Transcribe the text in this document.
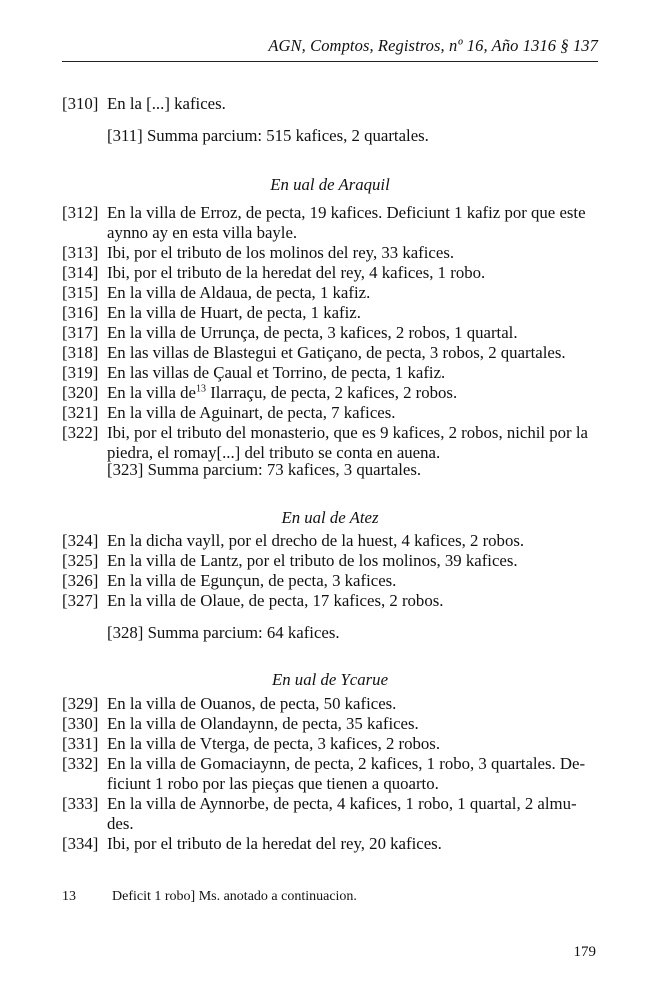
AGN, Comptos, Registros, nº 16, Año 1316 § 137
[310] En la [...] kafices.
[311] Summa parcium: 515 kafices, 2 quartales.
En ual de Araquil
[312] En la villa de Erroz, de pecta, 19 kafices. Deficiunt 1 kafiz por que este
aynno ay en esta villa bayle.
[313] Ibi, por el tributo de los molinos del rey, 33 kafices.
[314] Ibi, por el tributo de la heredat del rey, 4 kafices, 1 robo.
[315] En la villa de Aldaua, de pecta, 1 kafiz.
[316] En la villa de Huart, de pecta, 1 kafiz.
[317] En la villa de Urrunça, de pecta, 3 kafices, 2 robos, 1 quartal.
[318] En las villas de Blastegui et Gatiçano, de pecta, 3 robos, 2 quartales.
[319] En las villas de Çaual et Torrino, de pecta, 1 kafiz.
[320] En la villa $de^{13}$ Ilarraçu, de pecta, 2 kafices, 2 robos.
[321] En la villa de Aguinart, de pecta, 7 kafices.
[322] Ibi, por el tributo del monasterio, que es 9 kafices, 2 robos, nichil por la
piedra, el romay[...] del tributo se conta en auena.
[323] Summa parcium: 73 kafices, 3 quartales.
En ual de Atez
[324] En la dicha vayll, por el drecho de la huest, 4 kafices, 2 robos.
[325] En la villa de Lantz, por el tributo de los molinos, 39 kafices.
[326] En la villa de Egunçun, de pecta, 3 kafices.
[327] En la villa de Olaue, de pecta, 17 kafices, 2 robos.
[328] Summa parcium: 64 kafices.
En ual de Ycarue
[329] En la villa de Ouanos, de pecta, 50 kafices.
[330] En la villa de Olandaynn, de pecta, 35 kafices.
[331] En la villa de Vterga, de pecta, 3 kafices, 2 robos.
[332] En la villa de Gomaciaynn, de pecta, 2 kafices, 1 robo, 3 quartales. De-
ficiunt 1 robo por las pieças que tienen a quoarto.
[333] En la villa de Aynnorbe, de pecta, 4 kafices, 1 robo, 1 quartal, 2 almu-
des.
[334] Ibi, por el tributo de la heredat del rey, 20 kafices.
13	Deficit 1 robo] Ms. anotado a continuacion.
179
